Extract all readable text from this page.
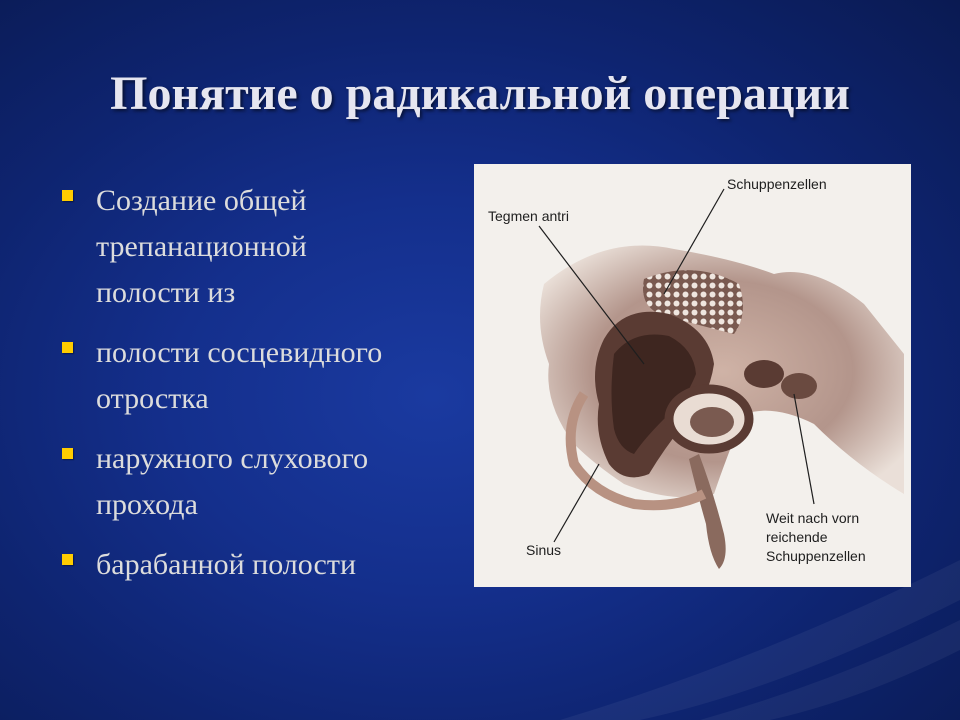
Понятие о радикальной операции
Создание общей
трепанационной
полости из
полости сосцевидного
отростка
наружного слухового
прохода
барабанной полости
Schuppenzellen
Tegmen antri
Sinus
Weit nach vorn
reichende
Schuppenzellen
